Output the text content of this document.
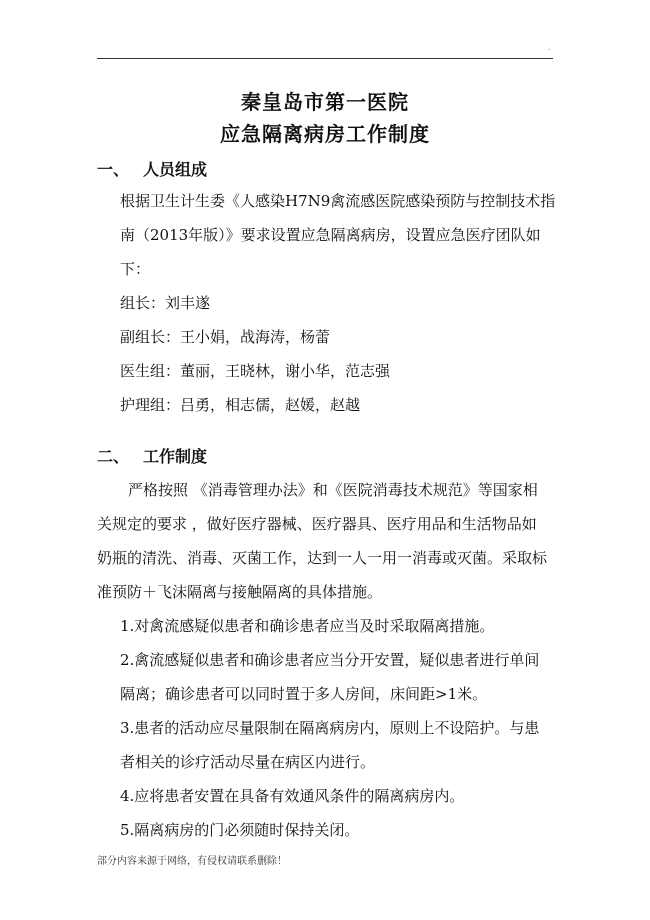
.
秦皇岛市第一医院
应急隔离病房工作制度
一、 人员组成
根据卫生计生委《人感染H7N9禽流感医院感染预防与控制技术指
南（2013年版）》要求设置应急隔离病房，设置应急医疗团队如
下：
组长：刘丰遂
副组长：王小娟，战海涛，杨蕾
医生组：董丽，王晓林，谢小华，范志强
护理组：吕勇，相志儒，赵媛，赵越
二、 工作制度
严格按照 《消毒管理办法》和《医院消毒技术规范》等国家相
关规定的要求 ，做好医疗器械、医疗器具、医疗用品和生活物品如
奶瓶的清洗、消毒、灭菌工作，达到一人一用一消毒或灭菌。采取标
准预防＋飞沫隔离与接触隔离的具体措施。
1.对禽流感疑似患者和确诊患者应当及时采取隔离措施。
2.禽流感疑似患者和确诊患者应当分开安置，疑似患者进行单间
隔离；确诊患者可以同时置于多人房间，床间距>1米。
3.患者的活动应尽量限制在隔离病房内，原则上不设陪护。与患
者相关的诊疗活动尽量在病区内进行。
4.应将患者安置在具备有效通风条件的隔离病房内。
5.隔离病房的门必须随时保持关闭。
部分内容来源于网络，有侵权请联系删除！
